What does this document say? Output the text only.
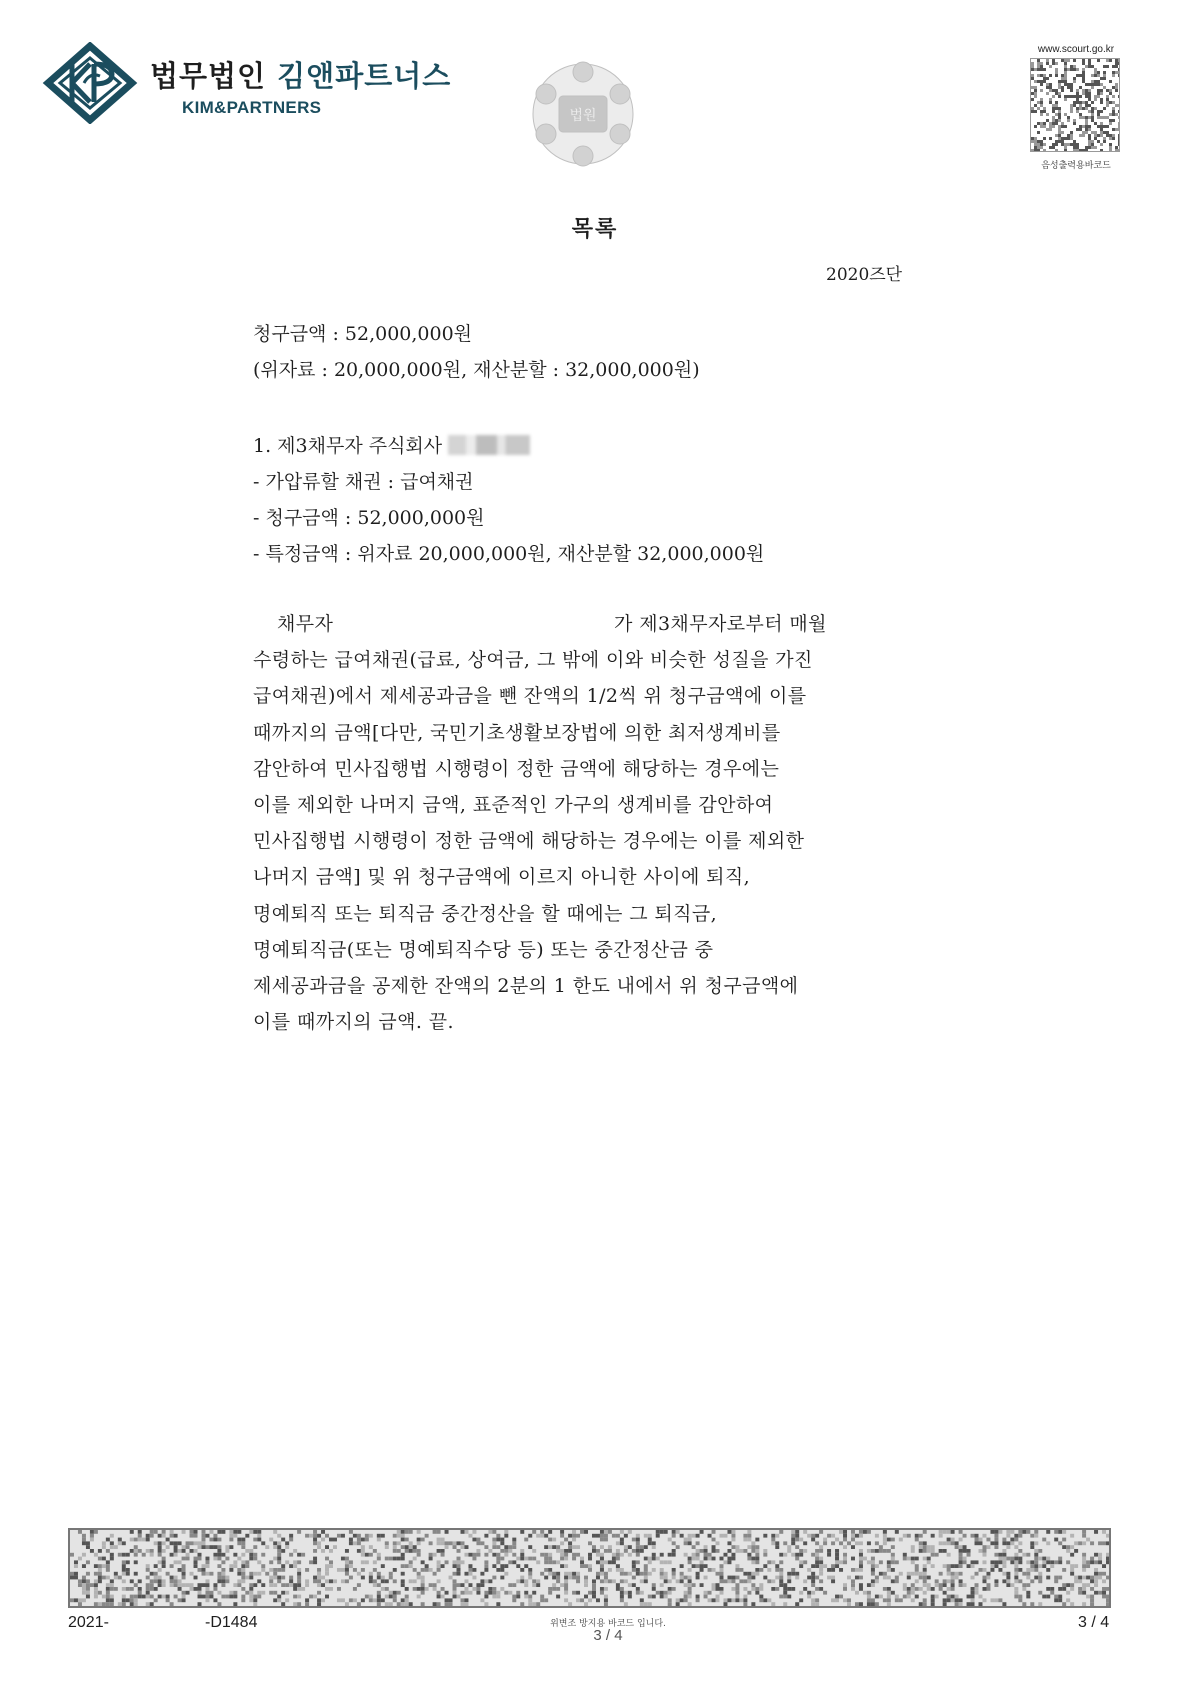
법무법인 김앤파트너스
KIM&PARTNERS	법원
www.scourt.go.kr
음성출력용바코드
목록
2020즈단
청구금액 : 52,000,000원
(위자료 : 20,000,000원, 재산분할 : 32,000,000원)
1. 제3채무자 주식회사
- 가압류할 채권 : 급여채권
- 청구금액 : 52,000,000원
- 특정금액 : 위자료 20,000,000원, 재산분할 32,000,000원
채무자	가 제3채무자로부터 매월
수령하는 급여채권(급료, 상여금, 그 밖에 이와 비슷한 성질을 가진
급여채권)에서 제세공과금을 뺀 잔액의 1/2씩 위 청구금액에 이를
때까지의 금액[다만, 국민기초생활보장법에 의한 최저생계비를
감안하여 민사집행법 시행령이 정한 금액에 해당하는 경우에는
이를 제외한 나머지 금액, 표준적인 가구의 생계비를 감안하여
민사집행법 시행령이 정한 금액에 해당하는 경우에는 이를 제외한
나머지 금액] 및 위 청구금액에 이르지 아니한 사이에 퇴직,
명예퇴직 또는 퇴직금 중간정산을 할 때에는 그 퇴직금,
명예퇴직금(또는 명예퇴직수당 등) 또는 중간정산금 중
제세공과금을 공제한 잔액의 2분의 1 한도 내에서 위 청구금액에
이를 때까지의 금액. 끝.
2021-	-D1484	위변조 방지용 바코드 입니다.
3 / 4
3 / 4
